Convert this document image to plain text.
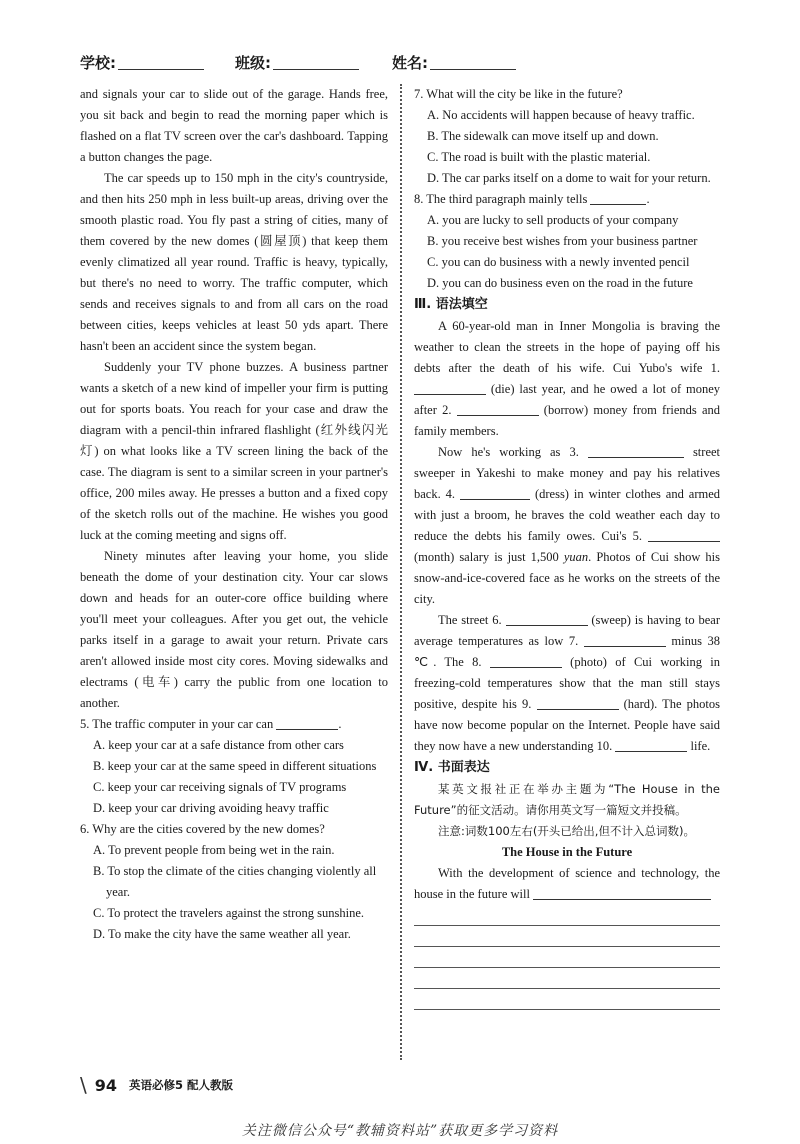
学校:	班级:	姓名:

and signals your car to slide out of the garage. Hands free, you sit back and begin to read the morning paper which is flashed on a flat TV screen over the car's dashboard. Tapping a button changes the page.

The car speeds up to 150 mph in the city's countryside, and then hits 250 mph in less built-up areas, driving over the smooth plastic road. You fly past a string of cities, many of them covered by the new domes (圆屋顶) that keep them evenly climatized all year round. Traffic is heavy, typically, but there's no need to worry. The traffic computer, which sends and receives signals to and from all cars on the road between cities, keeps vehicles at least 50 yds apart. There hasn't been an accident since the system began.

Suddenly your TV phone buzzes. A business partner wants a sketch of a new kind of impeller your firm is putting out for sports boats. You reach for your case and draw the diagram with a pencil-thin infrared flashlight (红外线闪光灯) on what looks like a TV screen lining the back of the case. The diagram is sent to a similar screen in your partner's office, 200 miles away. He presses a button and a fixed copy of the sketch rolls out of the machine. He wishes you good luck at the coming meeting and signs off.

Ninety minutes after leaving your home, you slide beneath the dome of your destination city. Your car slows down and heads for an outer-core office building where you'll meet your colleagues. After you get out, the vehicle parks itself in a garage to await your return. Private cars aren't allowed inside most city cores. Moving sidewalks and electrams (电车) carry the public from one location to another.

5. The traffic computer in your car can	.

A. keep your car at a safe distance from other cars

B. keep your car at the same speed in different situations

C. keep your car receiving signals of TV programs

D. keep your car driving avoiding heavy traffic

6. Why are the cities covered by the new domes?

A. To prevent people from being wet in the rain.

B. To stop the climate of the cities changing violently all year.

C. To protect the travelers against the strong sunshine.

D. To make the city have the same weather all year.

7. What will the city be like in the future?

A. No accidents will happen because of heavy traffic.

B. The sidewalk can move itself up and down.

C. The road is built with the plastic material.

D. The car parks itself on a dome to wait for your return.

8. The third paragraph mainly tells	.

A. you are lucky to sell products of your company

B. you receive best wishes from your business partner

C. you can do business with a newly invented pencil

D. you can do business even on the road in the future

Ⅲ. 语法填空

A 60-year-old man in Inner Mongolia is braving the weather to clean the streets in the hope of paying off his debts after the death of his wife. Cui Yubo's wife 1.  (die) last year, and he owed a lot of money after 2.	(borrow) money from friends and family members.

Now he's working as 3.	street sweeper in Yakeshi to make money and pay his relatives back. 4.	(dress) in winter clothes and armed with just a broom, he braves the cold weather each day to reduce the debts his family owes. Cui's 5.  (month) salary is just 1,500 yuan. Photos of Cui show his snow-and-ice-covered face as he works on the streets of the city.

The street 6.	(sweep) is having to bear average temperatures as low 7.	minus 38 ℃. The 8.	(photo) of Cui working in freezing-cold temperatures show that the man still stays positive, despite his 9.	(hard). The photos have now become popular on the Internet. People have said they now have a new understanding 10.	life.

Ⅳ. 书面表达

某英文报社正在举办主题为“The House in the Future”的征文活动。请你用英文写一篇短文并投稿。

注意:词数100左右(开头已给出,但不计入总词数)。

The House in the Future

With the development of science and technology, the house in the future will

\ 94 英语必修5 配人教版
关注微信公众号“教辅资料站”获取更多学习资料
